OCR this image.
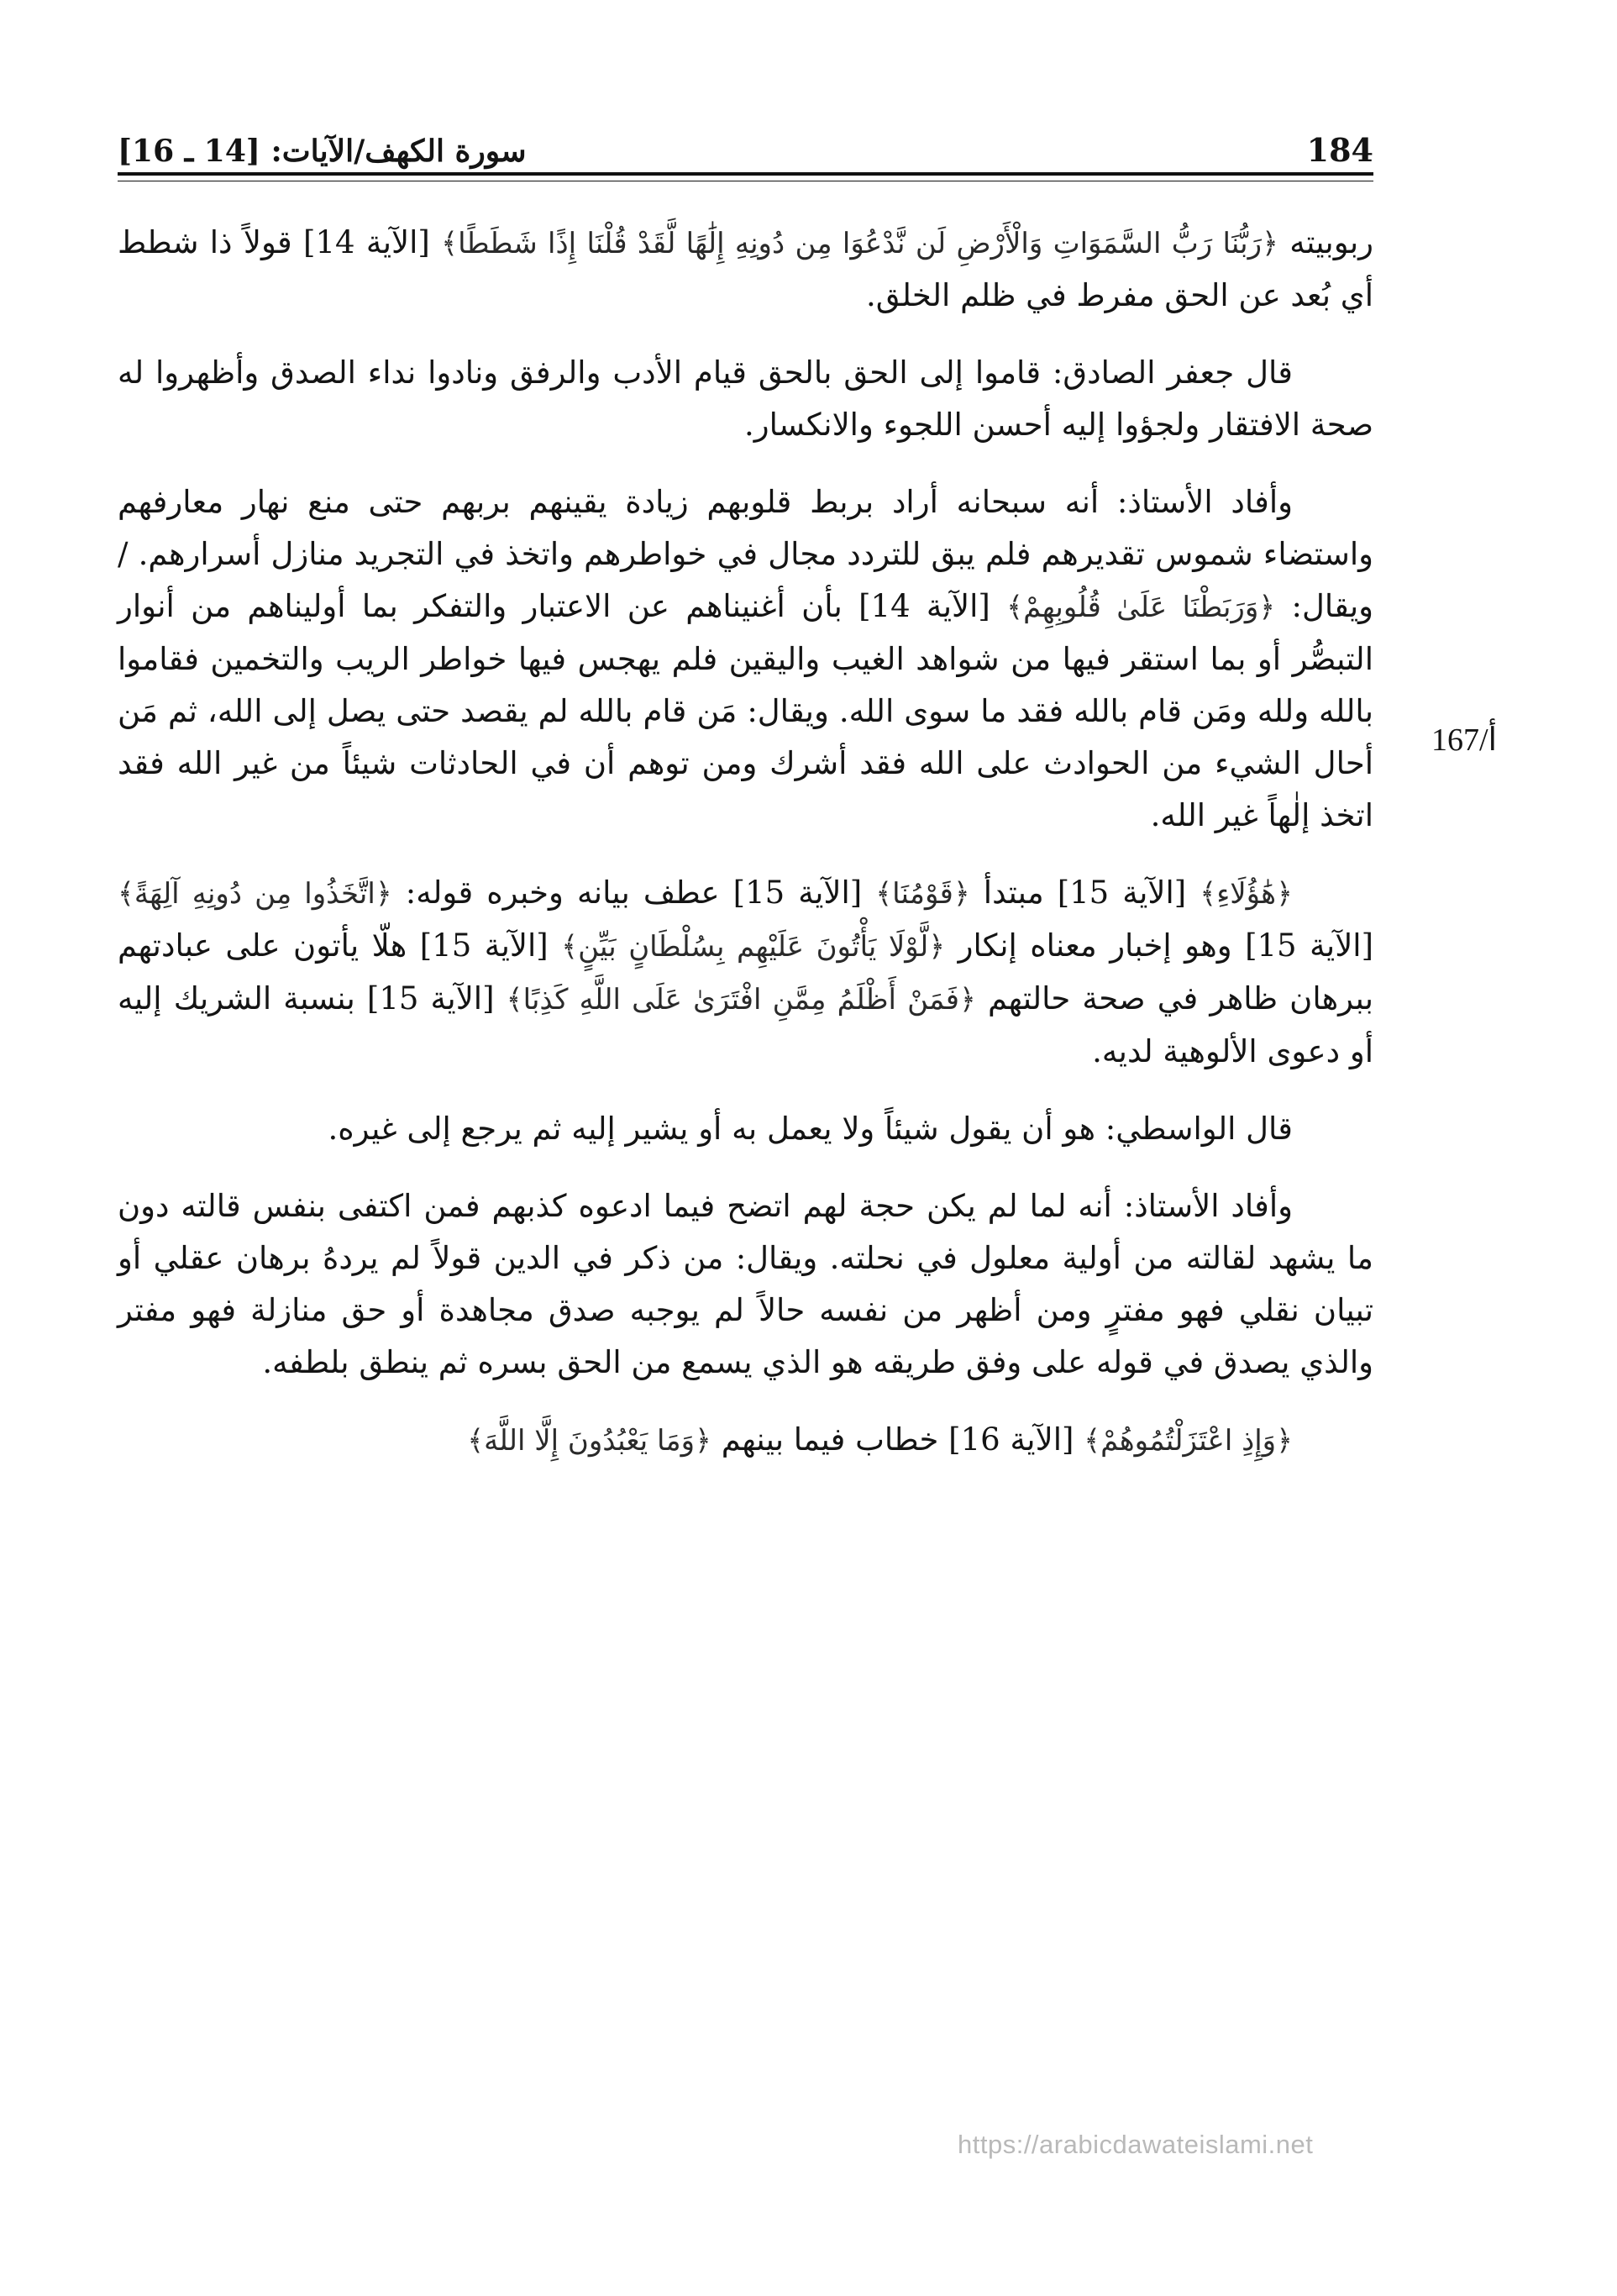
184
سورة الكهف/الآيات: [14 ـ 16]
167/أ

ربوبيته ﴿رَبُّنَا رَبُّ السَّمَوَاتِ وَالْأَرْضِ لَن نَّدْعُوَا مِن دُونِهِ إِلَٰهًا لَّقَدْ قُلْنَا إِذًا شَطَطًا﴾ [الآية 14] قولاً ذا شطط أي بُعد عن الحق مفرط في ظلم الخلق.

قال جعفر الصادق: قاموا إلى الحق بالحق قيام الأدب والرفق ونادوا نداء الصدق وأظهروا له صحة الافتقار ولجؤوا إليه أحسن اللجوء والانكسار.

وأفاد الأستاذ: أنه سبحانه أراد بربط قلوبهم زيادة يقينهم بربهم حتى منع نهار معارفهم واستضاء شموس تقديرهم فلم يبق للتردد مجال في خواطرهم واتخذ في التجريد منازل أسرارهم. / ويقال: ﴿وَرَبَطْنَا عَلَىٰ قُلُوبِهِمْ﴾ [الآية 14] بأن أغنيناهم عن الاعتبار والتفكر بما أوليناهم من أنوار التبصُّر أو بما استقر فيها من شواهد الغيب واليقين فلم يهجس فيها خواطر الريب والتخمين فقاموا بالله ولله ومَن قام بالله فقد ما سوى الله. ويقال: مَن قام بالله لم يقصد حتى يصل إلى الله، ثم مَن أحال الشيء من الحوادث على الله فقد أشرك ومن توهم أن في الحادثات شيئاً من غير الله فقد اتخذ إلٰهاً غير الله.

﴿هَٰؤُلَاءِ﴾ [الآية 15] مبتدأ ﴿قَوْمُنَا﴾ [الآية 15] عطف بيانه وخبره قوله: ﴿اتَّخَذُوا مِن دُونِهِ آلِهَةً﴾ [الآية 15] وهو إخبار معناه إنكار ﴿لَّوْلَا يَأْتُونَ عَلَيْهِم بِسُلْطَانٍ بَيِّنٍ﴾ [الآية 15] هلّا يأتون على عبادتهم ببرهان ظاهر في صحة حالتهم ﴿فَمَنْ أَظْلَمُ مِمَّنِ افْتَرَىٰ عَلَى اللَّهِ كَذِبًا﴾ [الآية 15] بنسبة الشريك إليه أو دعوى الألوهية لديه.

قال الواسطي: هو أن يقول شيئاً ولا يعمل به أو يشير إليه ثم يرجع إلى غيره.

وأفاد الأستاذ: أنه لما لم يكن حجة لهم اتضح فيما ادعوه كذبهم فمن اكتفى بنفس قالته دون ما يشهد لقالته من أولية معلول في نحلته. ويقال: من ذكر في الدين قولاً لم يردهُ برهان عقلي أو تبيان نقلي فهو مفترٍ ومن أظهر من نفسه حالاً لم يوجبه صدق مجاهدة أو حق منازلة فهو مفتر والذي يصدق في قوله على وفق طريقه هو الذي يسمع من الحق بسره ثم ينطق بلطفه.

﴿وَإِذِ اعْتَزَلْتُمُوهُمْ﴾ [الآية 16] خطاب فيما بينهم ﴿وَمَا يَعْبُدُونَ إِلَّا اللَّهَ﴾

https://arabicdawateislami.net
